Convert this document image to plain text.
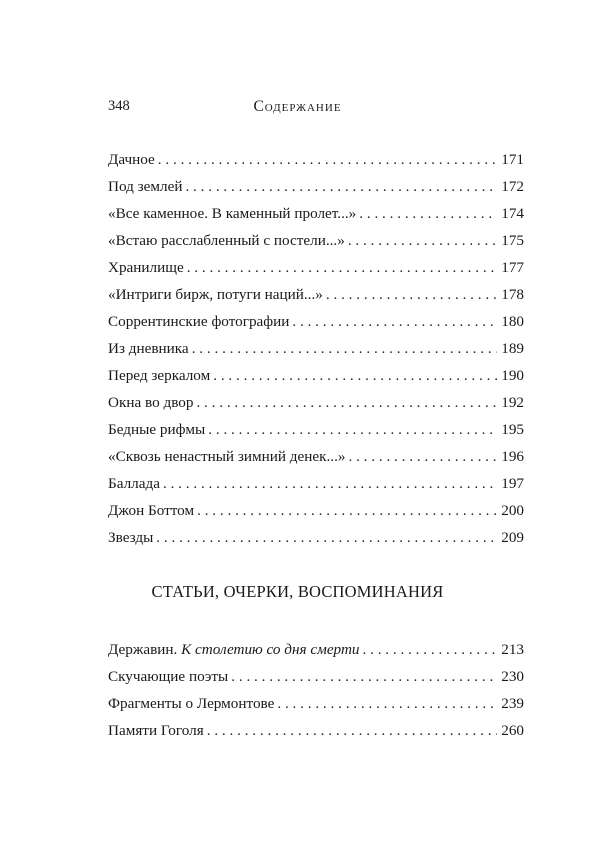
348	Содержание
Дачное . . .	171
Под землей . . .	172
«Все каменное. В каменный пролет...» . . .	174
«Встаю расслабленный с постели...» . . .	175
Хранилище . . .	177
«Интриги бирж, потуги наций...» . . .	178
Соррентинские фотографии . . .	180
Из дневника . . .	189
Перед зеркалом . . .	190
Окна во двор . . .	192
Бедные рифмы . . .	195
«Сквозь ненастный зимний денек...» . . .	196
Баллада . . .	197
Джон Боттом . . .	200
Звезды . . .	209
СТАТЬИ, ОЧЕРКИ, ВОСПОМИНАНИЯ
Державин. К столетию со дня смерти . . .	213
Скучающие поэты . . .	230
Фрагменты о Лермонтове . . .	239
Памяти Гоголя . . .	260
